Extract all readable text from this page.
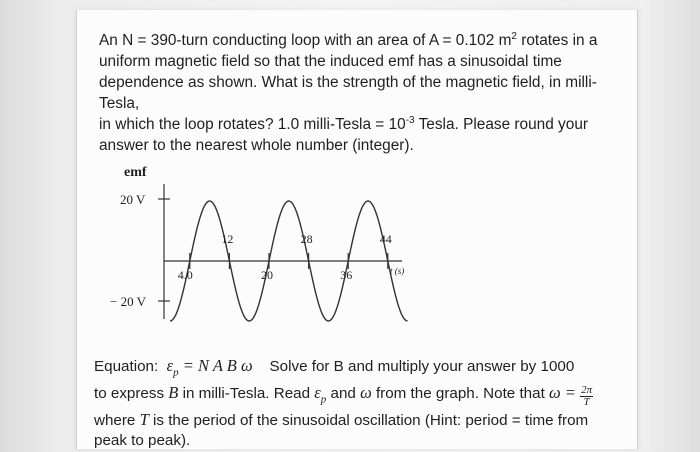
An N = 390-turn conducting loop with an area of A = 0.102 $m^2$ rotates in a

uniform magnetic field so that the induced emf has a sinusoidal time

dependence as shown. What is the strength of the magnetic field, in milli-Tesla,

in which the loop rotates? 1.0 milli-Tesla = $10^{-3}$ Tesla. Please round your

answer to the nearest whole number (integer).

emf
20 V
− 20 V
t (s)
12	28	44
4.0	20	36

Equation: $\varepsilon_p = N$ A B ω Solve for B and multiply your answer by 1000

to express B in milli-Tesla. Read $\varepsilon_p$ and ω from the graph. Note that $\omega = \frac{2\pi}{T}$

where T is the period of the sinusoidal oscillation (Hint: period = time from

peak to peak).
